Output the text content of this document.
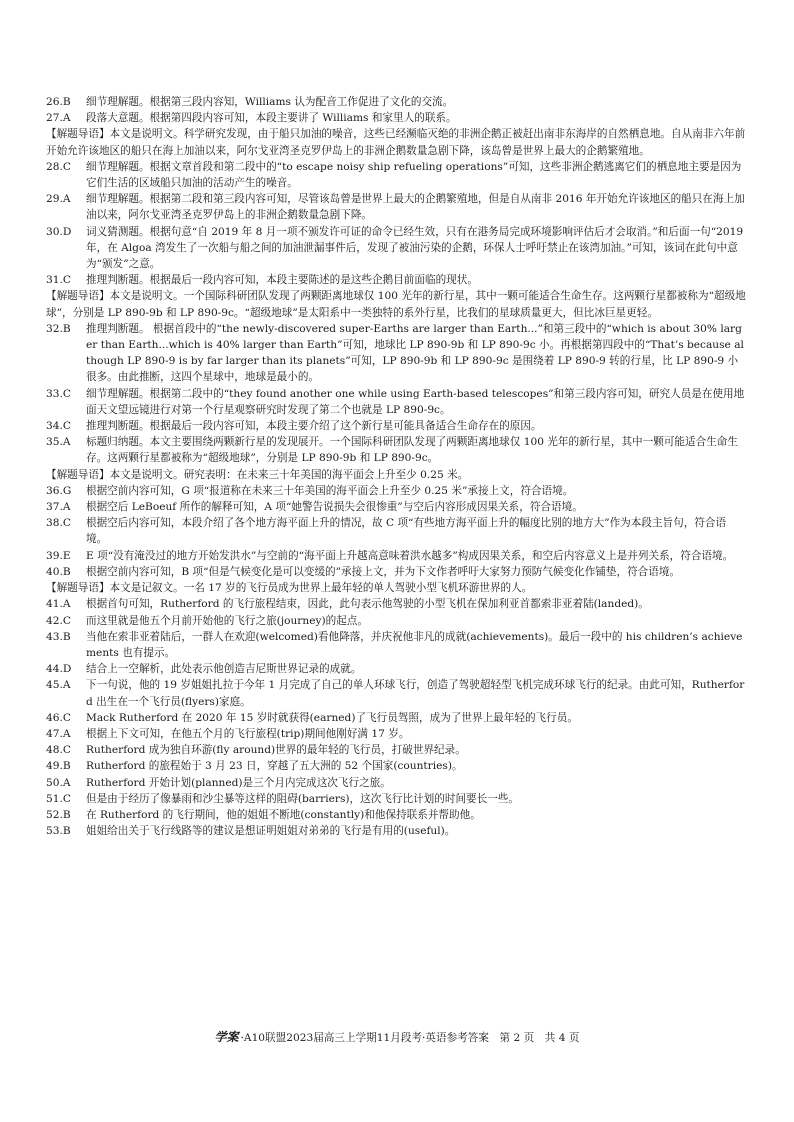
26.B	细节理解题。根据第三段内容知，Williams 认为配音工作促进了文化的交流。

27.A	段落大意题。根据第四段内容可知，本段主要讲了 Williams 和家里人的联系。

【解题导语】本文是说明文。科学研究发现，由于船只加油的噪音，这些已经濒临灭绝的非洲企鹅正被赶出南非东海岸的自然栖息地。自从南非六年前开始允许该地区的船只在海上加油以来，阿尔戈亚湾圣克罗伊岛上的非洲企鹅数量急剧下降，该岛曾是世界上最大的企鹅繁殖地。

28.C	细节理解题。根据文章首段和第二段中的“to escape noisy ship refueling operations”可知，这些非洲企鹅逃离它们的栖息地主要是因为它们生活的区域船只加油的活动产生的噪音。

29.A	细节理解题。根据第二段和第三段内容可知，尽管该岛曾是世界上最大的企鹅繁殖地，但是自从南非 2016 年开始允许该地区的船只在海上加油以来，阿尔戈亚湾圣克罗伊岛上的非洲企鹅数量急剧下降。

30.D	词义猜测题。根据句意“自 2019 年 8 月一项不颁发许可证的命令已经生效，只有在港务局完成环境影响评估后才会取消。”和后面一句“2019 年，在 Algoa 湾发生了一次船与船之间的加油泄漏事件后，发现了被油污染的企鹅，环保人士呼吁禁止在该湾加油。”可知，该词在此句中意为“颁发”之意。

31.C	推理判断题。根据最后一段内容可知，本段主要陈述的是这些企鹅目前面临的现状。

【解题导语】本文是说明文。一个国际科研团队发现了两颗距离地球仅 100 光年的新行星，其中一颗可能适合生命生存。这两颗行星都被称为“超级地球”，分别是 LP 890-9b 和 LP 890-9c。“超级地球”是太阳系中一类独特的系外行星，比我们的星球质量更大，但比冰巨星更轻。

32.B	推理判断题。 根据首段中的“the newly-discovered super-Earths are larger than Earth...”和第三段中的“which is about 30% larger than Earth...which is 40% larger than Earth”可知，地球比 LP 890-9b 和 LP 890-9c 小。再根据第四段中的“That’s because although LP 890-9 is by far larger than its planets”可知，LP 890-9b 和 LP 890-9c 是围绕着 LP 890-9 转的行星，比 LP 890-9 小很多。由此推断，这四个星球中，地球是最小的。

33.C	细节理解题。根据第二段中的“they found another one while using Earth-based telescopes”和第三段内容可知，研究人员是在使用地面天文望远镜进行对第一个行星观察研究时发现了第二个也就是 LP 890-9c。

34.C	推理判断题。根据最后一段内容可知，本段主要介绍了这个新行星可能具备适合生命存在的原因。

35.A	标题归纳题。本文主要围绕两颗新行星的发现展开。一个国际科研团队发现了两颗距离地球仅 100 光年的新行星，其中一颗可能适合生命生存。这两颗行星都被称为“超级地球”，分别是 LP 890-9b 和 LP 890-9c。

【解题导语】本文是说明文。研究表明：在未来三十年美国的海平面会上升至少 0.25 米。

36.G	根据空前内容可知，G 项“报道称在未来三十年美国的海平面会上升至少 0.25 米”承接上文，符合语境。

37.A	根据空后 LeBoeuf 所作的解释可知，A 项“她警告说损失会很惨重”与空后内容形成因果关系，符合语境。

38.C	根据空后内容可知，本段介绍了各个地方海平面上升的情况，故 C 项“有些地方海平面上升的幅度比别的地方大”作为本段主旨句，符合语境。

39.E	E 项“没有淹没过的地方开始发洪水”与空前的“海平面上升越高意味着洪水越多”构成因果关系，和空后内容意义上是并列关系，符合语境。

40.B	根据空前内容可知，B 项“但是气候变化是可以变缓的”承接上文，并为下文作者呼吁大家努力预防气候变化作铺垫，符合语境。

【解题导语】本文是记叙文。一名 17 岁的飞行员成为世界上最年轻的单人驾驶小型飞机环游世界的人。

41.A	根据首句可知，Rutherford 的飞行旅程结束，因此，此句表示他驾驶的小型飞机在保加利亚首都索非亚着陆(landed)。

42.C	而这里就是他五个月前开始他的飞行之旅(journey)的起点。

43.B	当他在索非亚着陆后，一群人在欢迎(welcomed)看他降落，并庆祝他非凡的成就(achievements)。最后一段中的 his children’s achievements 也有提示。

44.D	结合上一空解析，此处表示他创造吉尼斯世界记录的成就。

45.A	下一句说，他的 19 岁姐姐扎拉于今年 1 月完成了自己的单人环球飞行，创造了驾驶超轻型飞机完成环球飞行的纪录。由此可知，Rutherford 出生在一个飞行员(flyers)家庭。

46.C	Mack Rutherford 在 2020 年 15 岁时就获得(earned)了飞行员驾照，成为了世界上最年轻的飞行员。

47.A	根据上下文可知，在他五个月的飞行旅程(trip)期间他刚好满 17 岁。

48.C	Rutherford 成为独自环游(fly around)世界的最年轻的飞行员，打破世界纪录。

49.B	Rutherford 的旅程始于 3 月 23 日，穿越了五大洲的 52 个国家(countries)。

50.A	Rutherford 开始计划(planned)是三个月内完成这次飞行之旅。

51.C	但是由于经历了像暴雨和沙尘暴等这样的阻碍(barriers)，这次飞行比计划的时间要长一些。

52.B	在 Rutherford 的飞行期间，他的姐姐不断地(constantly)和他保持联系并帮助他。

53.B	姐姐给出关于飞行线路等的建议是想证明姐姐对弟弟的飞行是有用的(useful)。

学案 ·A10联盟2023届高三上学期11月段考·英语参考答案　第 2 页　共 4 页
